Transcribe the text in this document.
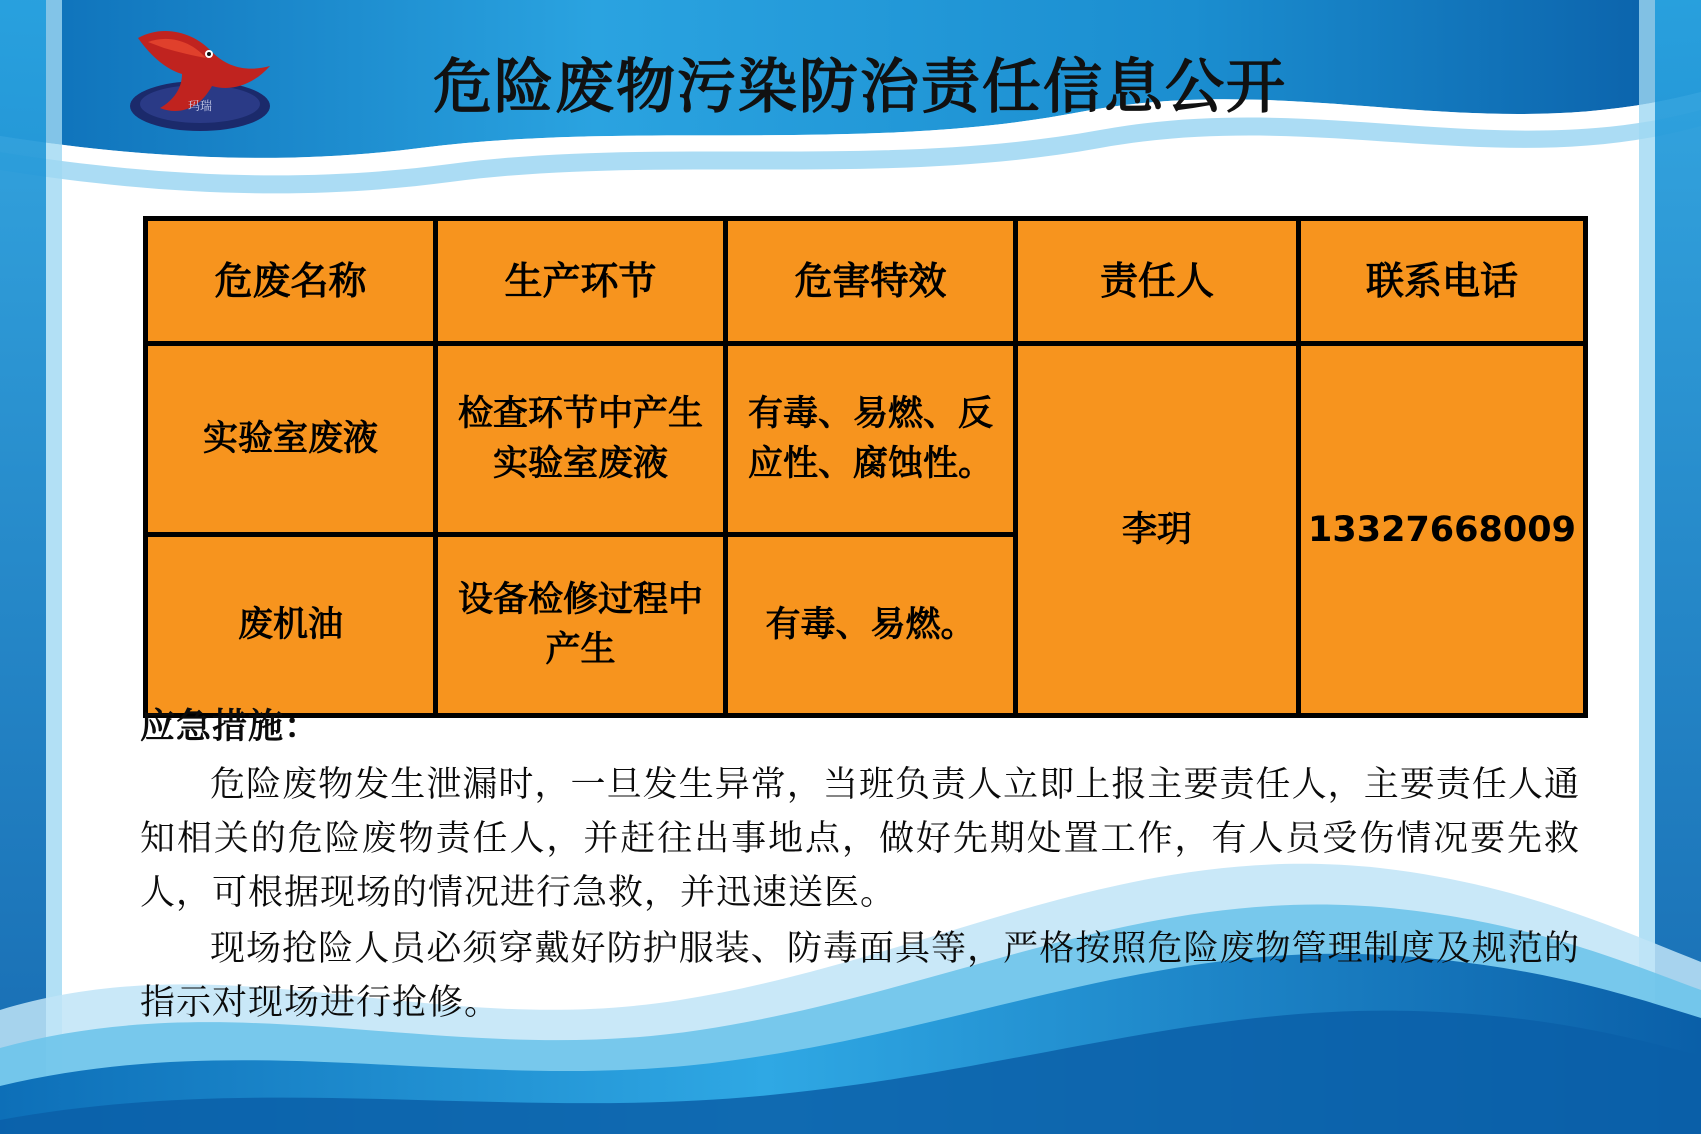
玛瑞	危险废物污染防治责任信息公开
危废名称	生产环节	危害特效	责任人	联系电话
实验室废液	检查环节中产生实验室废液	有毒、易燃、反应性、腐蚀性。	李玥	13327668009
废机油	设备检修过程中产生	有毒、易燃。		

应急措施：

危险废物发生泄漏时，一旦发生异常，当班负责人立即上报主要责任人，主要责任人通知相关的危险废物责任人，并赶往出事地点，做好先期处置工作，有人员受伤情况要先救人，可根据现场的情况进行急救，并迅速送医。

现场抢险人员必须穿戴好防护服装、防毒面具等，严格按照危险废物管理制度及规范的指示对现场进行抢修。
